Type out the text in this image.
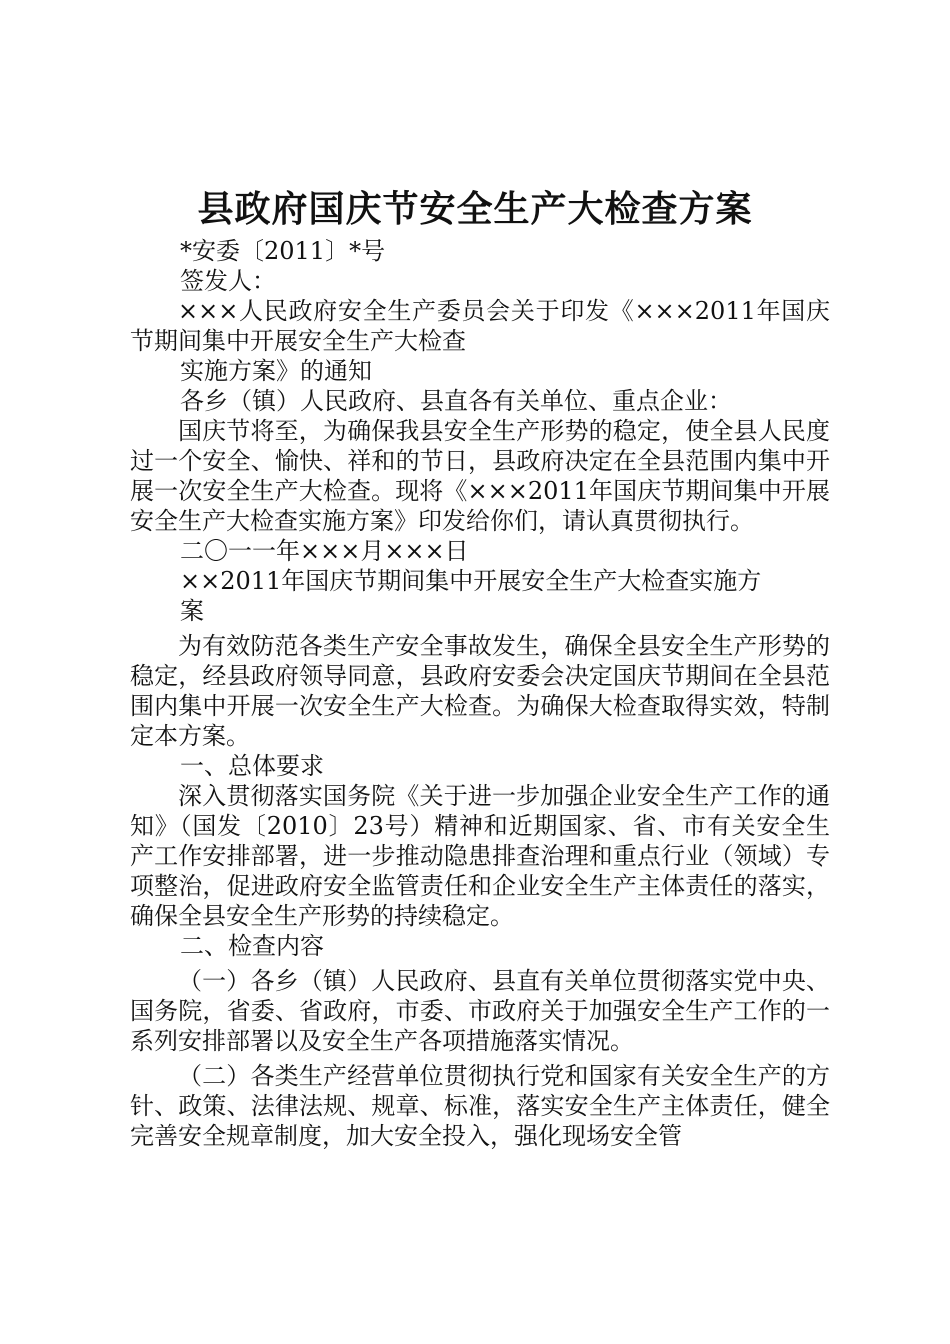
县政府国庆节安全生产大检查方案

*安委〔2011〕*号

签发人：

×××人民政府安全生产委员会关于印发《×××2011年国庆节期间集中开展安全生产大检查

实施方案》的通知

各乡（镇）人民政府、县直各有关单位、重点企业：

国庆节将至，为确保我县安全生产形势的稳定，使全县人民度过一个安全、愉快、祥和的节日，县政府决定在全县范围内集中开展一次安全生产大检查。现将《×××2011年国庆节期间集中开展安全生产大检查实施方案》印发给你们，请认真贯彻执行。

二〇一一年×××月×××日

××2011年国庆节期间集中开展安全生产大检查实施方

案

为有效防范各类生产安全事故发生，确保全县安全生产形势的稳定，经县政府领导同意，县政府安委会决定国庆节期间在全县范围内集中开展一次安全生产大检查。为确保大检查取得实效，特制定本方案。

一、总体要求

深入贯彻落实国务院《关于进一步加强企业安全生产工作的通知》（国发〔2010〕23号）精神和近期国家、省、市有关安全生产工作安排部署，进一步推动隐患排查治理和重点行业（领域）专项整治，促进政府安全监管责任和企业安全生产主体责任的落实，确保全县安全生产形势的持续稳定。

二、检查内容

（一）各乡（镇）人民政府、县直有关单位贯彻落实党中央、国务院，省委、省政府，市委、市政府关于加强安全生产工作的一系列安排部署以及安全生产各项措施落实情况。

（二）各类生产经营单位贯彻执行党和国家有关安全生产的方针、政策、法律法规、规章、标准，落实安全生产主体责任，健全完善安全规章制度，加大安全投入，强化现场安全管
